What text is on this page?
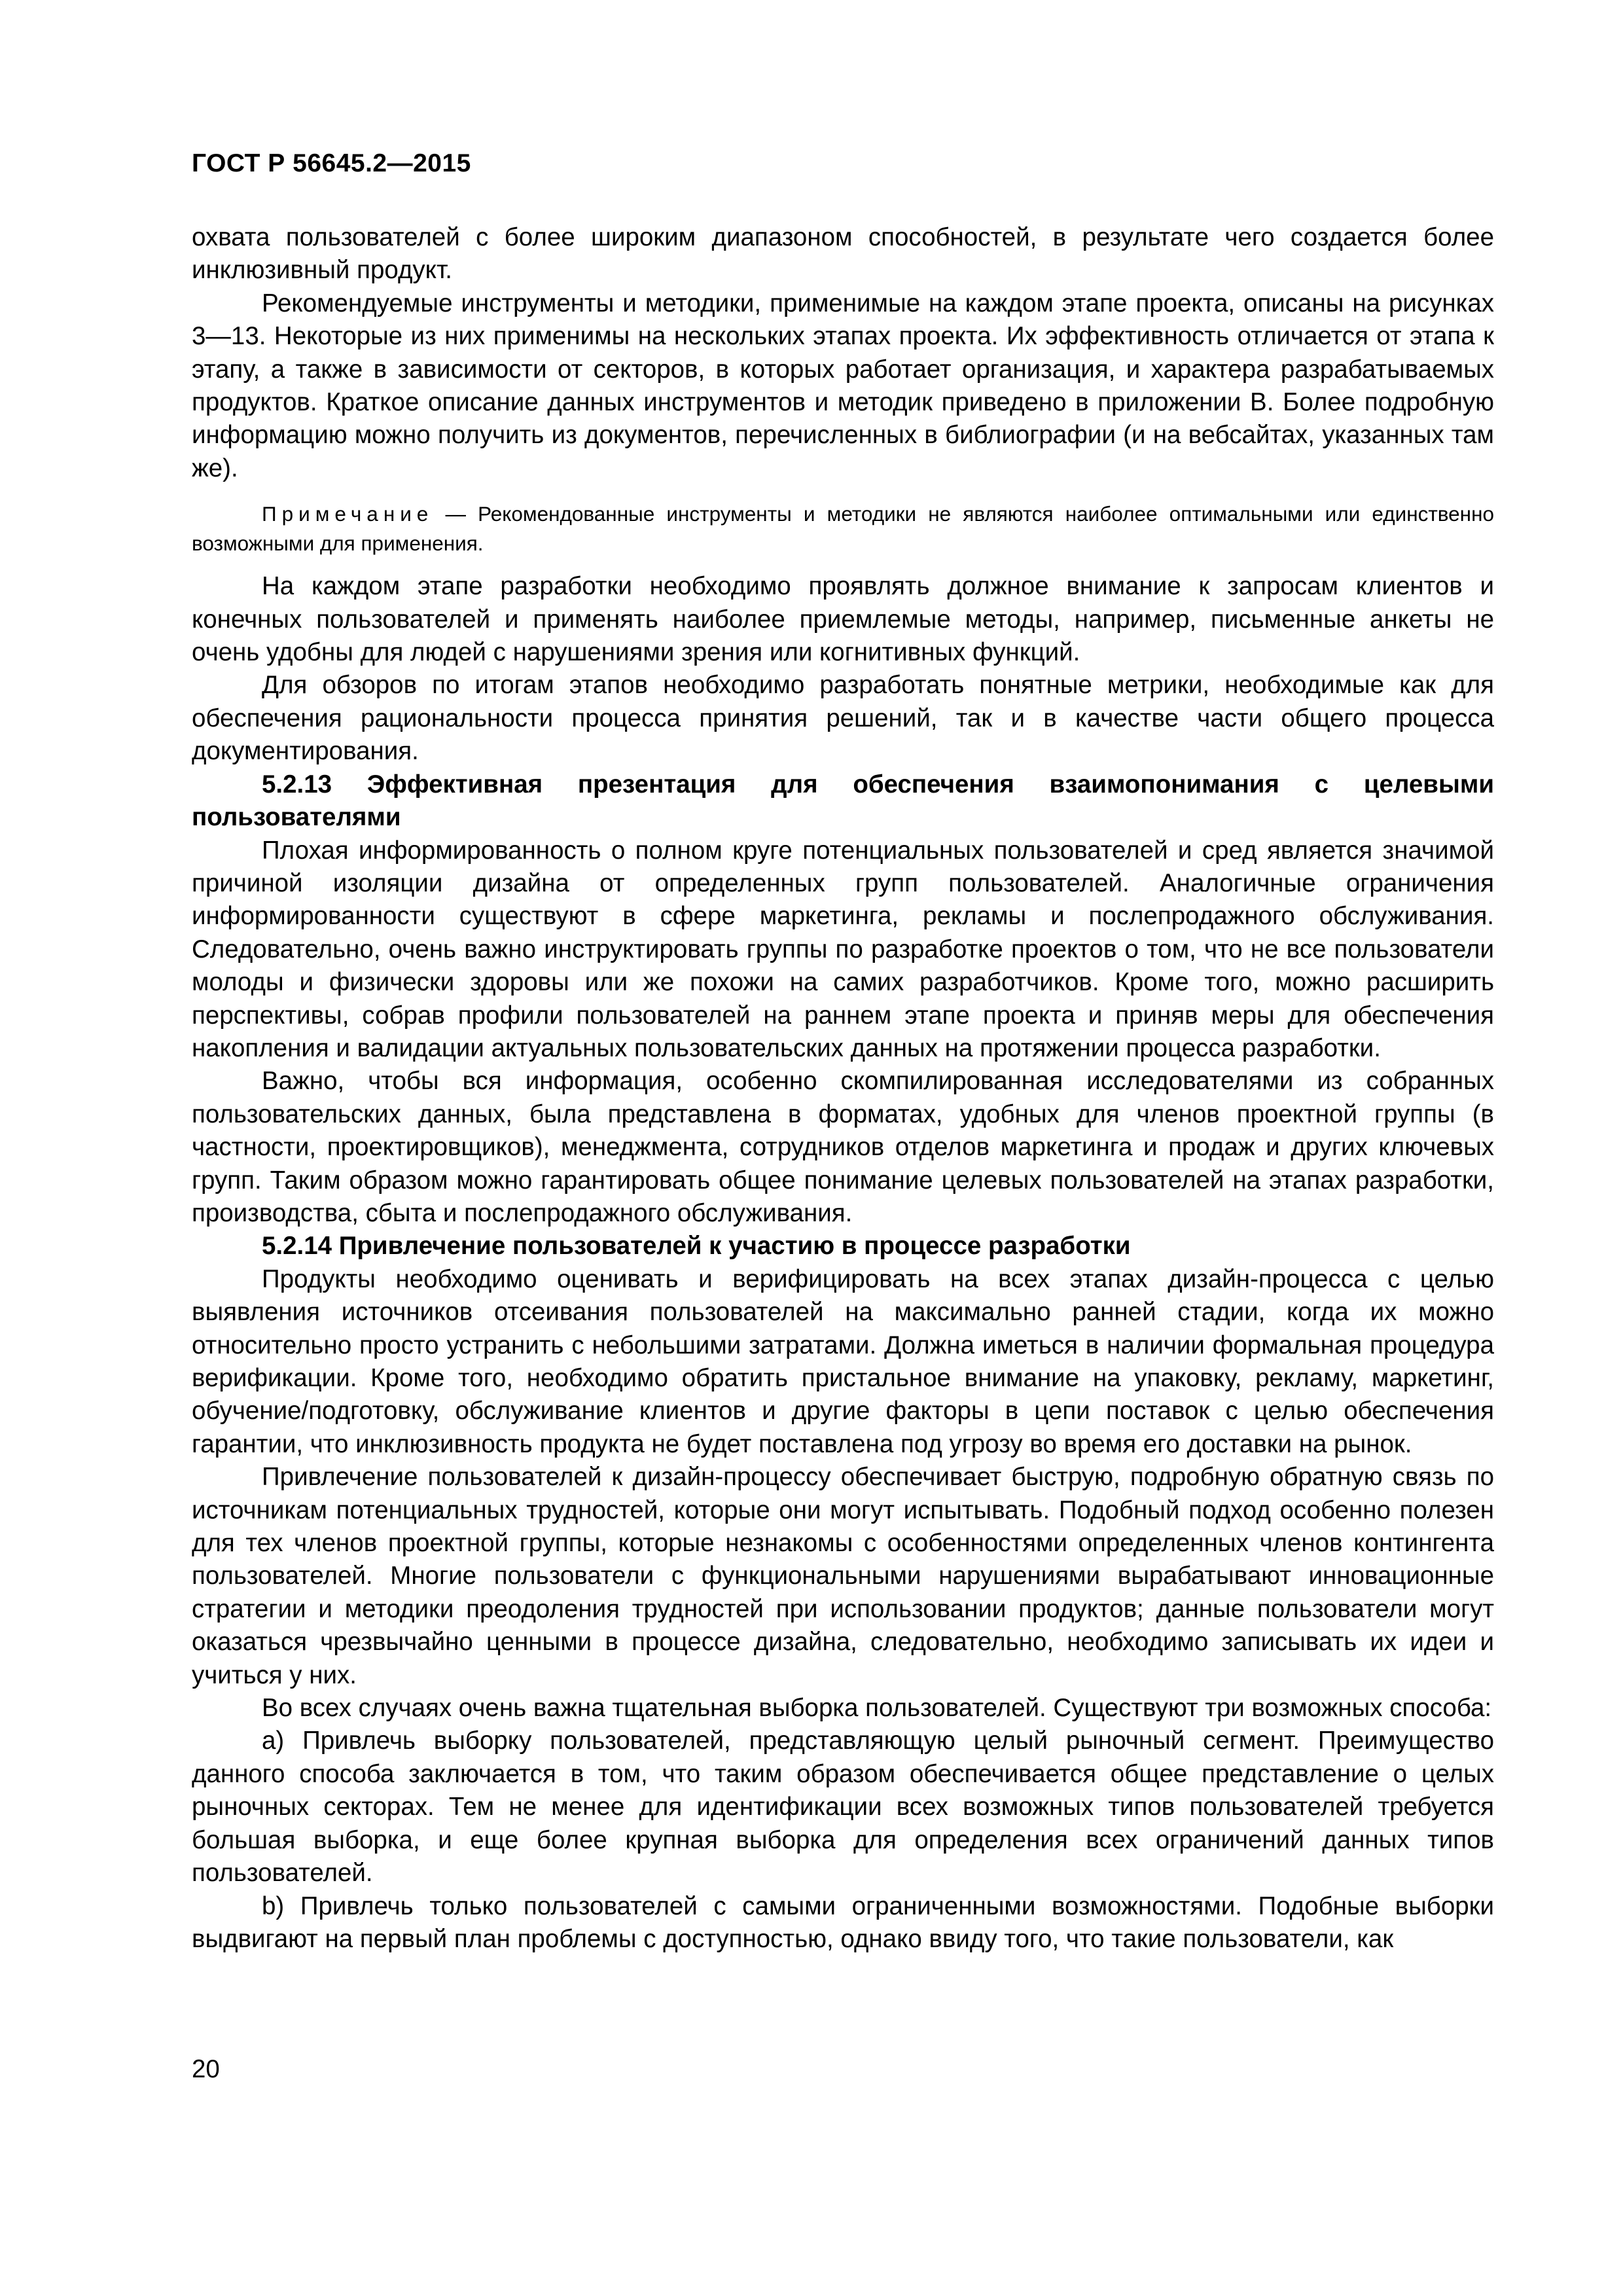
ГОСТ Р 56645.2—2015

охвата пользователей с более широким диапазоном способностей, в результате чего создается более инклюзивный продукт.

Рекомендуемые инструменты и методики, применимые на каждом этапе проекта, описаны на рисунках 3—13. Некоторые из них применимы на нескольких этапах проекта. Их эффективность отличается от этапа к этапу, а также в зависимости от секторов, в которых работает организация, и характера разрабатываемых продуктов. Краткое описание данных инструментов и методик приведено в приложении В. Более подробную информацию можно получить из документов, перечисленных в библиографии (и на вебсайтах, указанных там же).

Примечание — Рекомендованные инструменты и методики не являются наиболее оптимальными или единственно возможными для применения.

На каждом этапе разработки необходимо проявлять должное внимание к запросам клиентов и конечных пользователей и применять наиболее приемлемые методы, например, письменные анкеты не очень удобны для людей с нарушениями зрения или когнитивных функций.

Для обзоров по итогам этапов необходимо разработать понятные метрики, необходимые как для обеспечения рациональности процесса принятия решений, так и в качестве части общего процесса документирования.

5.2.13 Эффективная презентация для обеспечения взаимопонимания с целевыми пользователями

Плохая информированность о полном круге потенциальных пользователей и сред является значимой причиной изоляции дизайна от определенных групп пользователей. Аналогичные ограничения информированности существуют в сфере маркетинга, рекламы и послепродажного обслуживания. Следовательно, очень важно инструктировать группы по разработке проектов о том, что не все пользователи молоды и физически здоровы или же похожи на самих разработчиков. Кроме того, можно расширить перспективы, собрав профили пользователей на раннем этапе проекта и приняв меры для обеспечения накопления и валидации актуальных пользовательских данных на протяжении процесса разработки.

Важно, чтобы вся информация, особенно скомпилированная исследователями из собранных пользовательских данных, была представлена в форматах, удобных для членов проектной группы (в частности, проектировщиков), менеджмента, сотрудников отделов маркетинга и продаж и других ключевых групп. Таким образом можно гарантировать общее понимание целевых пользователей на этапах разработки, производства, сбыта и послепродажного обслуживания.

5.2.14 Привлечение пользователей к участию в процессе разработки

Продукты необходимо оценивать и верифицировать на всех этапах дизайн-процесса с целью выявления источников отсеивания пользователей на максимально ранней стадии, когда их можно относительно просто устранить с небольшими затратами. Должна иметься в наличии формальная процедура верификации. Кроме того, необходимо обратить пристальное внимание на упаковку, рекламу, маркетинг, обучение/подготовку, обслуживание клиентов и другие факторы в цепи поставок с целью обеспечения гарантии, что инклюзивность продукта не будет поставлена под угрозу во время его доставки на рынок.

Привлечение пользователей к дизайн-процессу обеспечивает быструю, подробную обратную связь по источникам потенциальных трудностей, которые они могут испытывать. Подобный подход особенно полезен для тех членов проектной группы, которые незнакомы с особенностями определенных членов контингента пользователей. Многие пользователи с функциональными нарушениями вырабатывают инновационные стратегии и методики преодоления трудностей при использовании продуктов; данные пользователи могут оказаться чрезвычайно ценными в процессе дизайна, следовательно, необходимо записывать их идеи и учиться у них.

Во всех случаях очень важна тщательная выборка пользователей. Существуют три возможных способа:

a) Привлечь выборку пользователей, представляющую целый рыночный сегмент. Преимущество данного способа заключается в том, что таким образом обеспечивается общее представление о целых рыночных секторах. Тем не менее для идентификации всех возможных типов пользователей требуется большая выборка, и еще более крупная выборка для определения всех ограничений данных типов пользователей.

b) Привлечь только пользователей с самыми ограниченными возможностями. Подобные выборки выдвигают на первый план проблемы с доступностью, однако ввиду того, что такие пользователи, как

20
